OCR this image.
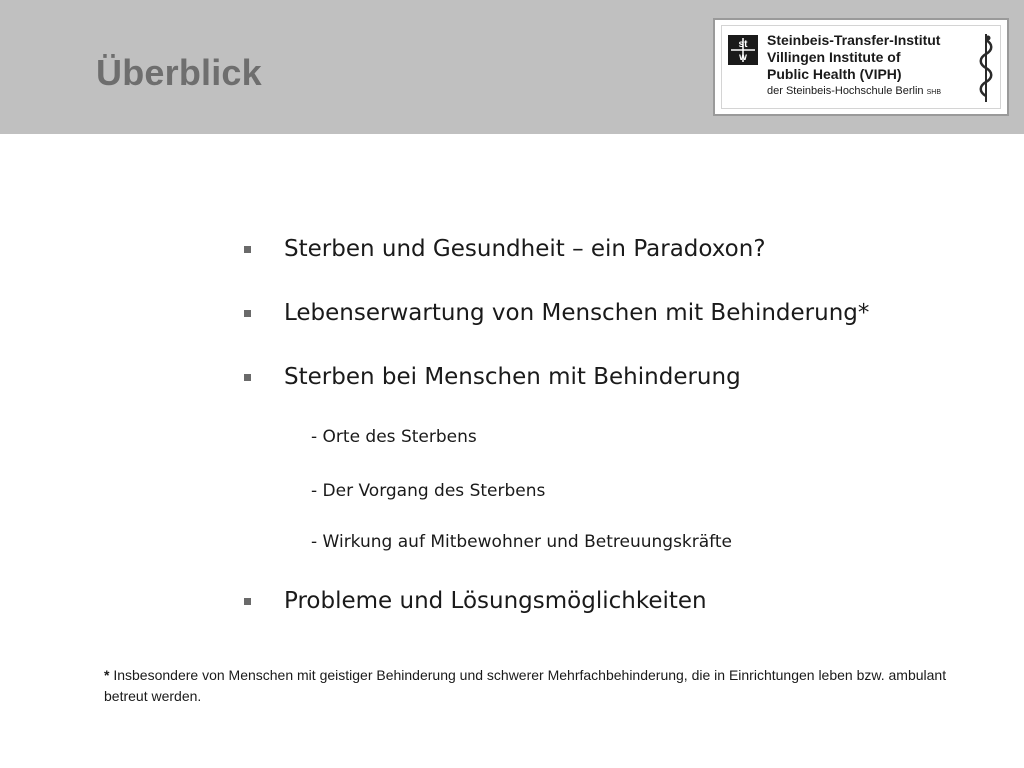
Überblick
st
w
Steinbeis-Transfer-Institut
Villingen Institute of
Public Health (VIPH)
der Steinbeis-Hochschule Berlin SHB
Sterben und Gesundheit – ein Paradoxon?
Lebenserwartung von Menschen mit Behinderung*
Sterben bei Menschen mit Behinderung
- Orte des Sterbens
- Der Vorgang des Sterbens
- Wirkung auf Mitbewohner und Betreuungskräfte
Probleme und Lösungsmöglichkeiten
* Insbesondere von Menschen mit geistiger Behinderung und schwerer Mehrfachbehinderung, die in Einrichtungen leben bzw. ambulant betreut werden.
